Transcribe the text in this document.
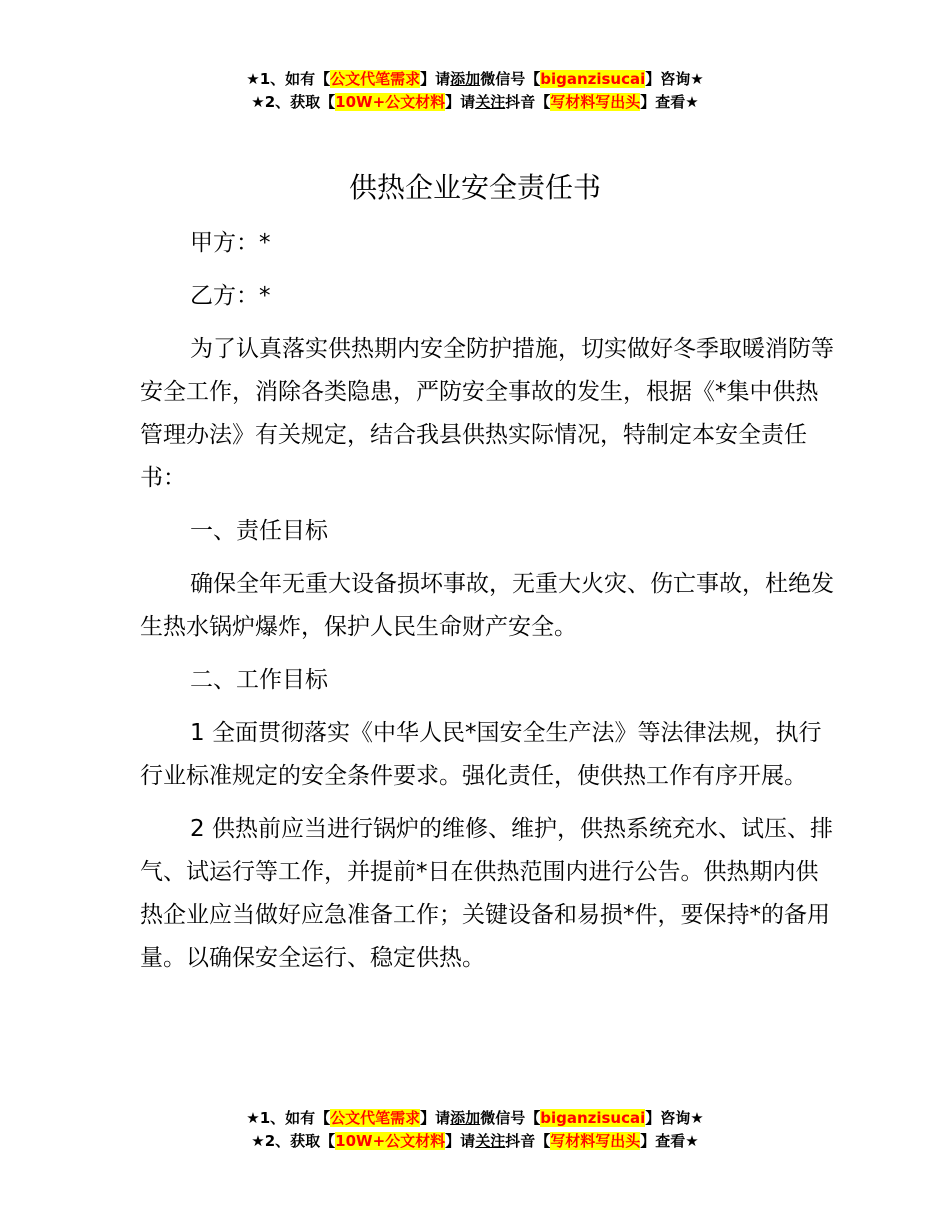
★1、如有【公文代笔需求】请添加微信号【biganzisucai】咨询★
★2、获取【10W+公文材料】请关注抖音【写材料写出头】查看★
供热企业安全责任书

甲方：*

乙方：*

为了认真落实供热期内安全防护措施，切实做好冬季取暖消防等安全工作，消除各类隐患，严防安全事故的发生，根据《*集中供热管理办法》有关规定，结合我县供热实际情况，特制定本安全责任书：

一、责任目标

确保全年无重大设备损坏事故，无重大火灾、伤亡事故，杜绝发生热水锅炉爆炸，保护人民生命财产安全。

二、工作目标

1 全面贯彻落实《中华人民*国安全生产法》等法律法规，执行行业标准规定的安全条件要求。强化责任，使供热工作有序开展。

2 供热前应当进行锅炉的维修、维护，供热系统充水、试压、排气、试运行等工作，并提前*日在供热范围内进行公告。供热期内供热企业应当做好应急准备工作；关键设备和易损*件，要保持*的备用量。以确保安全运行、稳定供热。

★1、如有【公文代笔需求】请添加微信号【biganzisucai】咨询★
★2、获取【10W+公文材料】请关注抖音【写材料写出头】查看★
